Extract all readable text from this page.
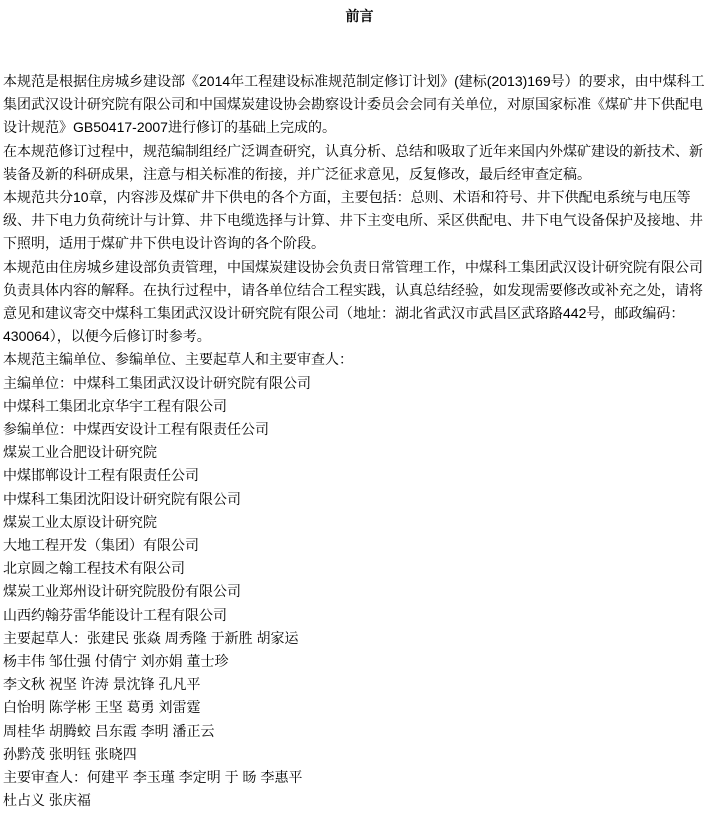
前言

本规范是根据住房城乡建设部《2014年工程建设标准规范制定修订计划》(建标(2013)169号）的要求，由中煤科工集团武汉设计研究院有限公司和中国煤炭建设协会勘察设计委员会会同有关单位，对原国家标准《煤矿井下供配电设计规范》GB50417-2007进行修订的基础上完成的。

在本规范修订过程中，规范编制组经广泛调查研究，认真分析、总结和吸取了近年来国内外煤矿建设的新技术、新装备及新的科研成果，注意与相关标准的衔接，并广泛征求意见，反复修改，最后经审查定稿。

本规范共分10章，内容涉及煤矿井下供电的各个方面，主要包括：总则、术语和符号、井下供配电系统与电压等级、井下电力负荷统计与计算、井下电缆选择与计算、井下主变电所、采区供配电、井下电气设备保护及接地、井下照明，适用于煤矿井下供电设计咨询的各个阶段。

本规范由住房城乡建设部负责管理，中国煤炭建设协会负责日常管理工作，中煤科工集团武汉设计研究院有限公司负责具体内容的解释。在执行过程中，请各单位结合工程实践，认真总结经验，如发现需要修改或补充之处，请将意见和建议寄交中煤科工集团武汉设计研究院有限公司（地址：湖北省武汉市武昌区武珞路442号，邮政编码：430064），以便今后修订时参考。

本规范主编单位、参编单位、主要起草人和主要审查人：

主编单位：中煤科工集团武汉设计研究院有限公司

中煤科工集团北京华宇工程有限公司

参编单位：中煤西安设计工程有限责任公司

煤炭工业合肥设计研究院

中煤邯郸设计工程有限责任公司

中煤科工集团沈阳设计研究院有限公司

煤炭工业太原设计研究院

大地工程开发（集团）有限公司

北京圆之翰工程技术有限公司

煤炭工业郑州设计研究院股份有限公司

山西约翰芬雷华能设计工程有限公司

主要起草人：张建民 张焱 周秀隆 于新胜 胡家运

杨丰伟 邹仕强 付倩宁 刘亦娟 董士珍

李文秋 祝坚 许涛 景沈锋 孔凡平

白怡明 陈学彬 王坚 葛勇 刘雷霆

周桂华 胡腾蛟 吕东霞 李明 潘正云

孙黔茂 张明钰 张晓四

主要审查人：何建平 李玉瑾 李定明 于 旸 李惠平

杜占义 张庆福
